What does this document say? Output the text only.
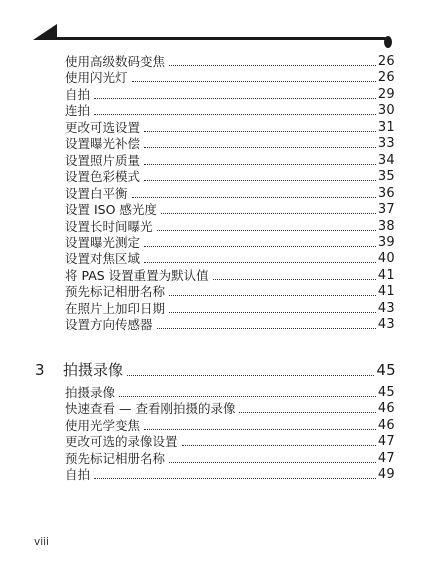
使用高级数码变焦	26
使用闪光灯	26
自拍	29
连拍	30
更改可选设置	31
设置曝光补偿	33
设置照片质量	34
设置色彩模式	35
设置白平衡	36
设置 ISO 感光度	37
设置长时间曝光	38
设置曝光测定	39
设置对焦区域	40
将 PAS 设置重置为默认值	41
预先标记相册名称	41
在照片上加印日期	43
设置方向传感器	43
3	拍摄录像	45
拍摄录像	45
快速查看 — 查看刚拍摄的录像	46
使用光学变焦	46
更改可选的录像设置	47
预先标记相册名称	47
自拍	49
viii
